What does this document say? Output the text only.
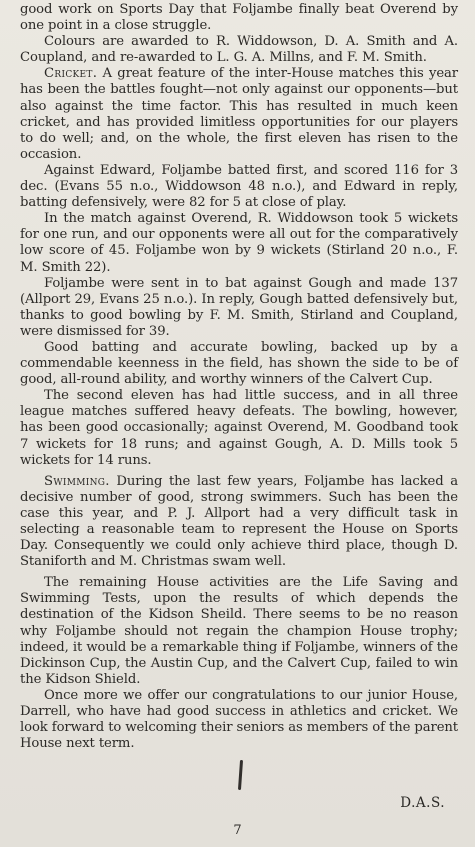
good work on Sports Day that Foljambe finally beat Overend by one point in a close struggle.

Colours are awarded to R. Widdowson, D. A. Smith and A. Coupland, and re-awarded to L. G. A. Millns, and F. M. Smith.

Cricket. A great feature of the inter-House matches this year has been the battles fought—not only against our opponents—but also against the time factor. This has resulted in much keen cricket, and has provided limitless opportunities for our players to do well; and, on the whole, the first eleven has risen to the occasion.

Against Edward, Foljambe batted first, and scored 116 for 3 dec. (Evans 55 n.o., Widdowson 48 n.o.), and Edward in reply, batting defensively, were 82 for 5 at close of play.

In the match against Overend, R. Widdowson took 5 wickets for one run, and our opponents were all out for the comparatively low score of 45. Foljambe won by 9 wickets (Stirland 20 n.o., F. M. Smith 22).

Foljambe were sent in to bat against Gough and made 137 (Allport 29, Evans 25 n.o.). In reply, Gough batted defensively but, thanks to good bowling by F. M. Smith, Stirland and Coupland, were dismissed for 39.

Good batting and accurate bowling, backed up by a commendable keenness in the field, has shown the side to be of good, all-round ability, and worthy winners of the Calvert Cup.

The second eleven has had little success, and in all three league matches suffered heavy defeats. The bowling, however, has been good occasionally; against Overend, M. Goodband took 7 wickets for 18 runs; and against Gough, A. D. Mills took 5 wickets for 14 runs.

Swimming. During the last few years, Foljambe has lacked a decisive number of good, strong swimmers. Such has been the case this year, and P. J. Allport had a very difficult task in selecting a reasonable team to represent the House on Sports Day. Consequently we could only achieve third place, though D. Staniforth and M. Christmas swam well.

The remaining House activities are the Life Saving and Swimming Tests, upon the results of which depends the destination of the Kidson Sheild. There seems to be no reason why Foljambe should not regain the champion House trophy; indeed, it would be a remarkable thing if Foljambe, winners of the Dickinson Cup, the Austin Cup, and the Calvert Cup, failed to win the Kidson Shield.

Once more we offer our congratulations to our junior House, Darrell, who have had good success in athletics and cricket. We look forward to welcoming their seniors as members of the parent House next term.

D.A.S.
7
